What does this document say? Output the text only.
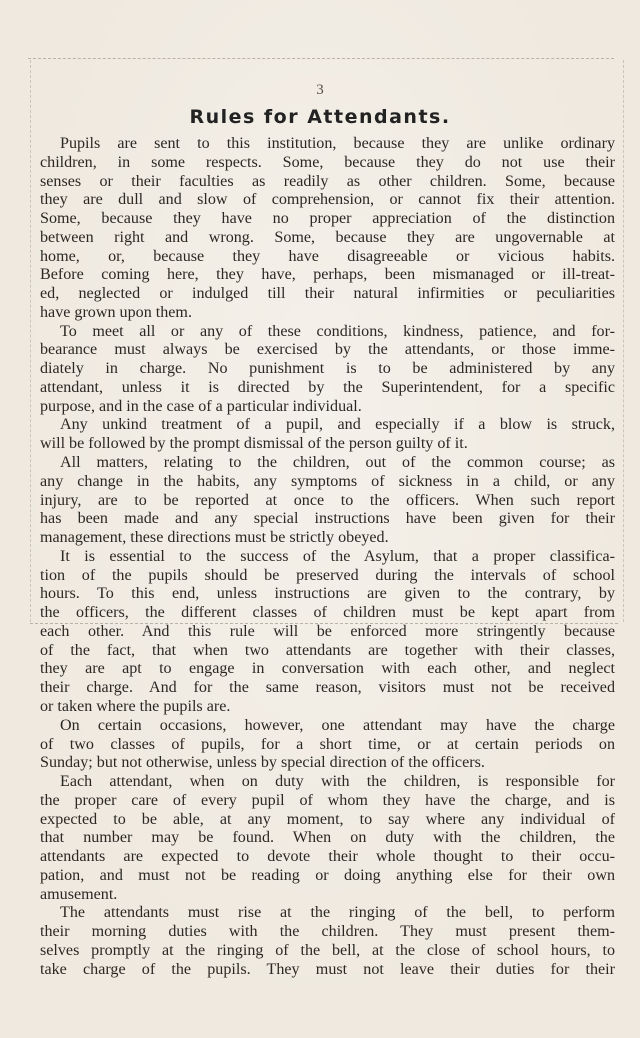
3
Rules for Attendants.
Pupils are sent to this institution, because they are unlike ordinary
children, in some respects. Some, because they do not use their
senses or their faculties as readily as other children. Some, because
they are dull and slow of comprehension, or cannot fix their attention.
Some, because they have no proper appreciation of the distinction
between right and wrong. Some, because they are ungovernable at
home, or, because they have disagreeable or vicious habits.
Before coming here, they have, perhaps, been mismanaged or ill-treat-
ed, neglected or indulged till their natural infirmities or peculiarities
have grown upon them.
To meet all or any of these conditions, kindness, patience, and for-
bearance must always be exercised by the attendants, or those imme-
diately in charge. No punishment is to be administered by any
attendant, unless it is directed by the Superintendent, for a specific
purpose, and in the case of a particular individual.
Any unkind treatment of a pupil, and especially if a blow is struck,
will be followed by the prompt dismissal of the person guilty of it.
All matters, relating to the children, out of the common course; as
any change in the habits, any symptoms of sickness in a child, or any
injury, are to be reported at once to the officers. When such report
has been made and any special instructions have been given for their
management, these directions must be strictly obeyed.
It is essential to the success of the Asylum, that a proper classifica-
tion of the pupils should be preserved during the intervals of school
hours. To this end, unless instructions are given to the contrary, by
the officers, the different classes of children must be kept apart from
each other. And this rule will be enforced more stringently because
of the fact, that when two attendants are together with their classes,
they are apt to engage in conversation with each other, and neglect
their charge. And for the same reason, visitors must not be received
or taken where the pupils are.
On certain occasions, however, one attendant may have the charge
of two classes of pupils, for a short time, or at certain periods on
Sunday; but not otherwise, unless by special direction of the officers.
Each attendant, when on duty with the children, is responsible for
the proper care of every pupil of whom they have the charge, and is
expected to be able, at any moment, to say where any individual of
that number may be found. When on duty with the children, the
attendants are expected to devote their whole thought to their occu-
pation, and must not be reading or doing anything else for their own
amusement.
The attendants must rise at the ringing of the bell, to perform
their morning duties with the children. They must present them-
selves promptly at the ringing of the bell, at the close of school hours, to
take charge of the pupils. They must not leave their duties for their
